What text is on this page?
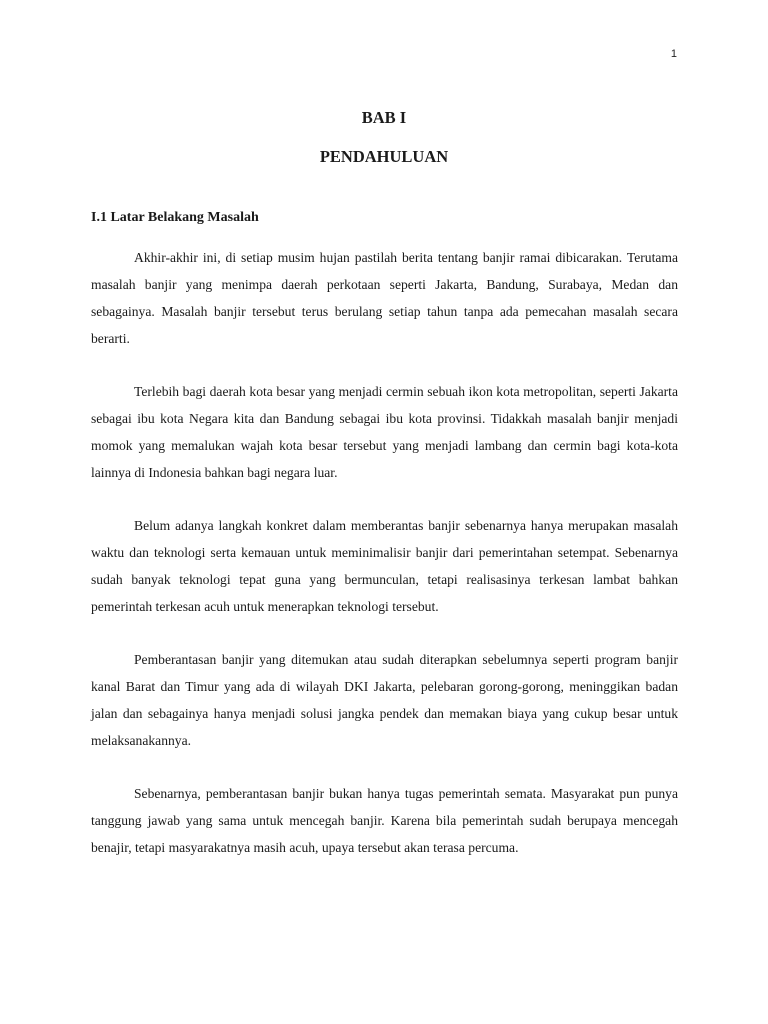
1
BAB I
PENDAHULUAN
I.1 Latar Belakang Masalah

Akhir-akhir ini, di setiap musim hujan pastilah berita tentang banjir ramai dibicarakan. Terutama masalah banjir yang menimpa daerah perkotaan seperti Jakarta, Bandung, Surabaya, Medan dan sebagainya. Masalah banjir tersebut terus berulang setiap tahun tanpa ada pemecahan masalah secara berarti.

Terlebih bagi daerah kota besar yang menjadi cermin sebuah ikon kota metropolitan, seperti Jakarta sebagai ibu kota Negara kita dan Bandung sebagai ibu kota provinsi. Tidakkah masalah banjir menjadi momok yang memalukan wajah kota besar tersebut yang menjadi lambang dan cermin bagi kota-kota lainnya di Indonesia bahkan bagi negara luar.

Belum adanya langkah konkret dalam memberantas banjir sebenarnya hanya merupakan masalah waktu dan teknologi serta kemauan untuk meminimalisir banjir dari pemerintahan setempat. Sebenarnya sudah banyak teknologi tepat guna yang bermunculan, tetapi realisasinya terkesan lambat bahkan pemerintah terkesan acuh untuk menerapkan teknologi tersebut.

Pemberantasan banjir yang ditemukan atau sudah diterapkan sebelumnya seperti program banjir kanal Barat dan Timur yang ada di wilayah DKI Jakarta, pelebaran gorong-gorong, meninggikan badan jalan dan sebagainya hanya menjadi solusi jangka pendek dan memakan biaya yang cukup besar untuk melaksanakannya.

Sebenarnya, pemberantasan banjir bukan hanya tugas pemerintah semata. Masyarakat pun punya tanggung jawab yang sama untuk mencegah banjir. Karena bila pemerintah sudah berupaya mencegah benajir, tetapi masyarakatnya masih acuh, upaya tersebut akan terasa percuma.
